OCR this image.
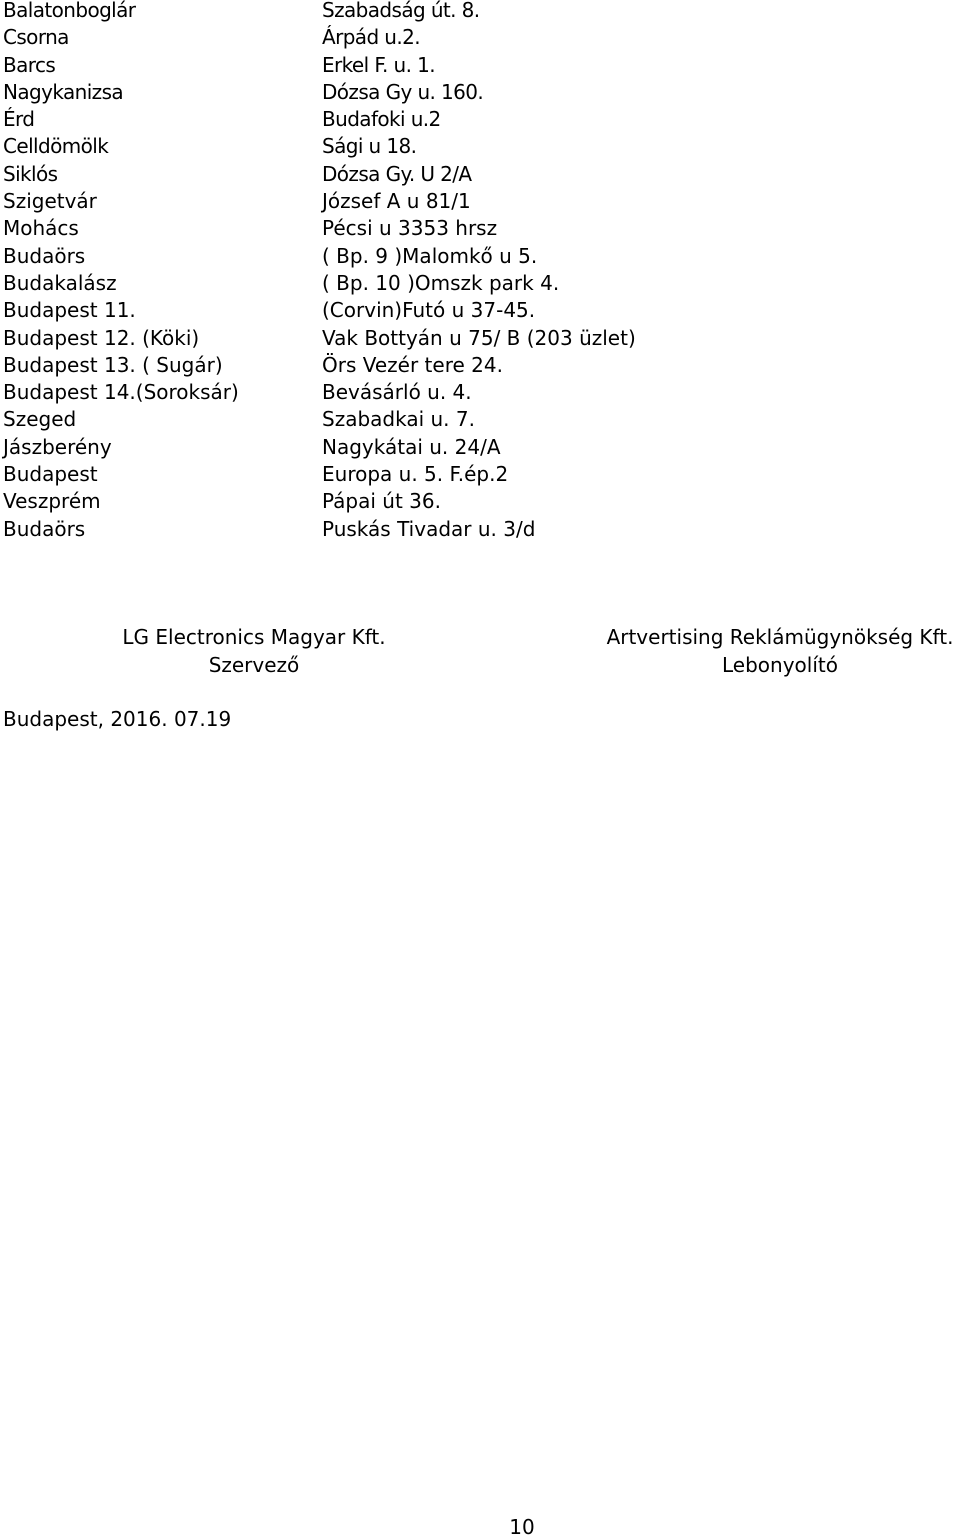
Balatonboglár	Szabadság út. 8.
Csorna	Árpád u.2.
Barcs	Erkel F. u. 1.
Nagykanizsa	Dózsa Gy u. 160.
Érd	Budafoki u.2
Celldömölk	Sági u 18.
Siklós	Dózsa Gy. U 2/A
Szigetvár	József A u 81/1
Mohács	Pécsi u 3353 hrsz
Budaörs	( Bp. 9 )Malomkő u 5.
Budakalász	( Bp. 10 )Omszk park 4.
Budapest 11.	(Corvin)Futó u 37-45.
Budapest 12. (Köki)	Vak Bottyán u 75/ B (203 üzlet)
Budapest 13. ( Sugár)	Örs Vezér tere 24.
Budapest 14.(Soroksár)	Bevásárló u. 4.
Szeged	Szabadkai u. 7.
Jászberény	Nagykátai u. 24/A
Budapest	Europa u. 5. F.ép.2
Veszprém	Pápai út 36.
Budaörs	Puskás Tivadar u. 3/d
LG Electronics Magyar Kft.
Szervező
Artvertising Reklámügynökség Kft.
Lebonyolító
Budapest, 2016. 07.19
10
